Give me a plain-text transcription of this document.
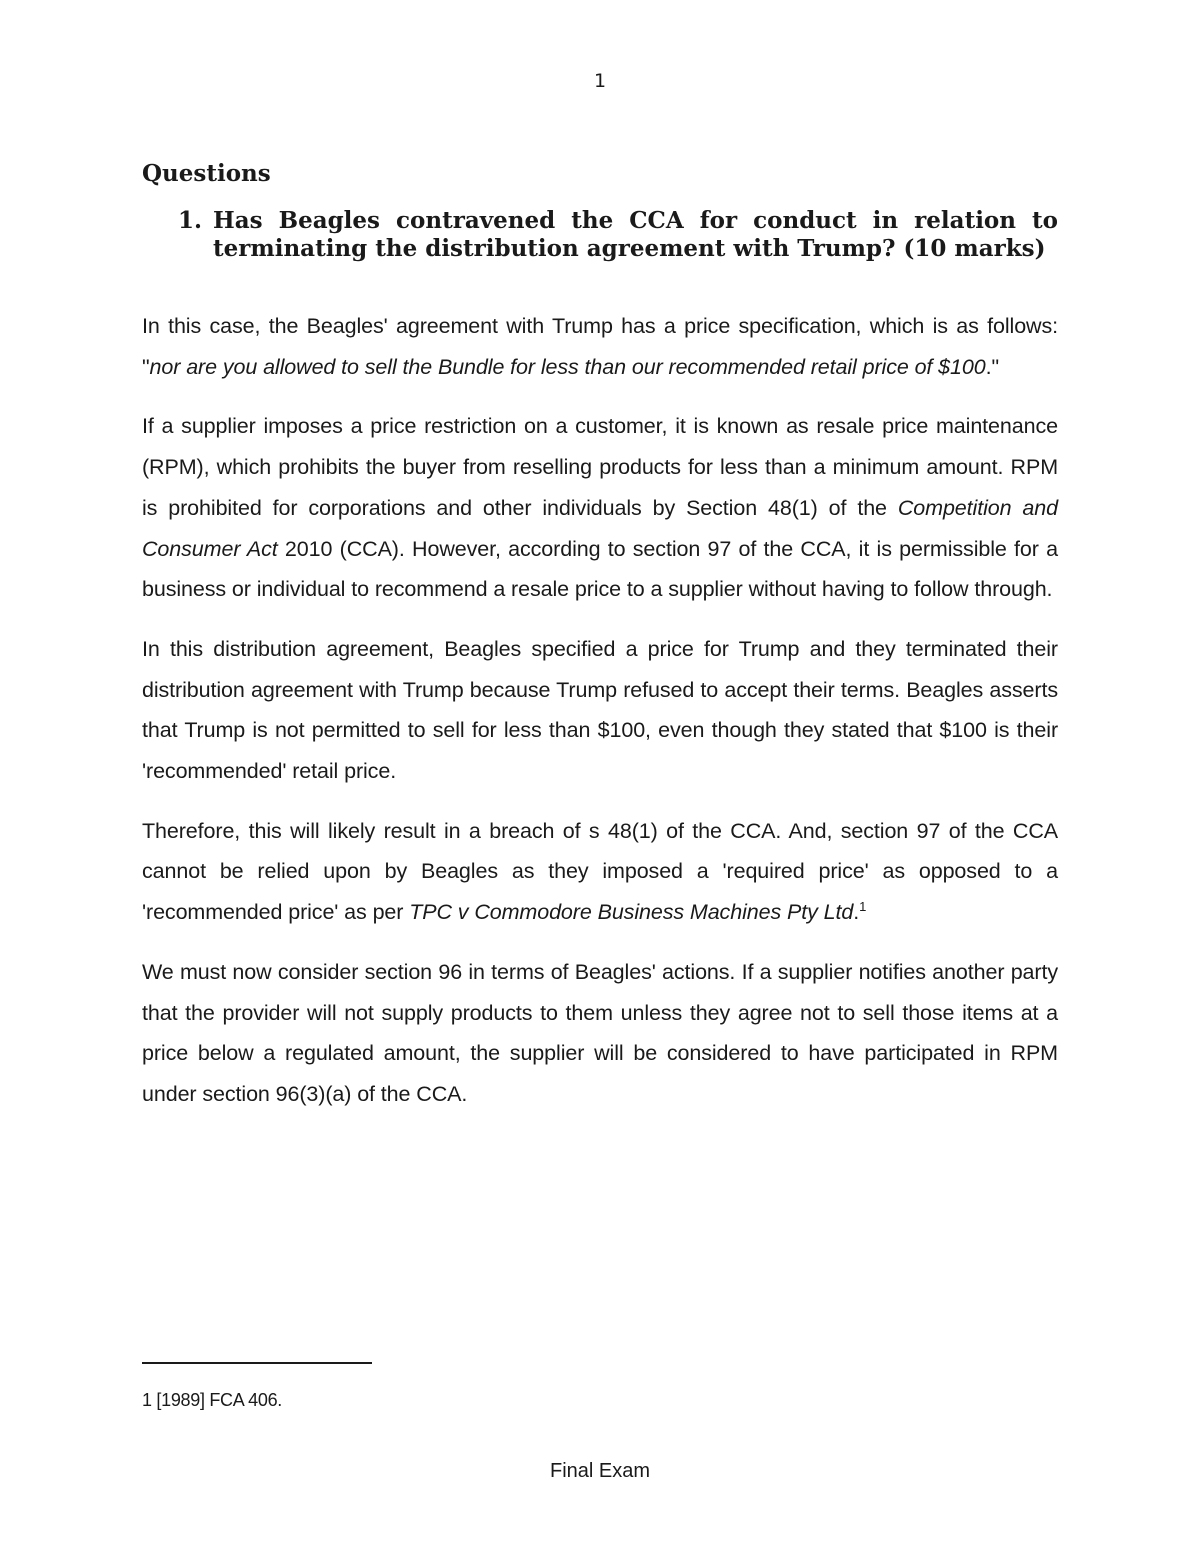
1
Questions
1. Has Beagles contravened the CCA for conduct in relation to terminating the distribution agreement with Trump? (10 marks)

In this case, the Beagles' agreement with Trump has a price specification, which is as follows: "nor are you allowed to sell the Bundle for less than our recommended retail price of $100."

If a supplier imposes a price restriction on a customer, it is known as resale price maintenance (RPM), which prohibits the buyer from reselling products for less than a minimum amount. RPM is prohibited for corporations and other individuals by Section 48(1) of the Competition and Consumer Act 2010 (CCA). However, according to section 97 of the CCA, it is permissible for a business or individual to recommend a resale price to a supplier without having to follow through.

In this distribution agreement, Beagles specified a price for Trump and they terminated their distribution agreement with Trump because Trump refused to accept their terms. Beagles asserts that Trump is not permitted to sell for less than $100, even though they stated that $100 is their 'recommended' retail price.

Therefore, this will likely result in a breach of s 48(1) of the CCA. And, section 97 of the CCA cannot be relied upon by Beagles as they imposed a 'required price' as opposed to a 'recommended price' as per TPC v Commodore Business Machines Pty Ltd.$^1$

We must now consider section 96 in terms of Beagles' actions. If a supplier notifies another party that the provider will not supply products to them unless they agree not to sell those items at a price below a regulated amount, the supplier will be considered to have participated in RPM under section 96(3)(a) of the CCA.

1 [1989] FCA 406.
Final Exam
